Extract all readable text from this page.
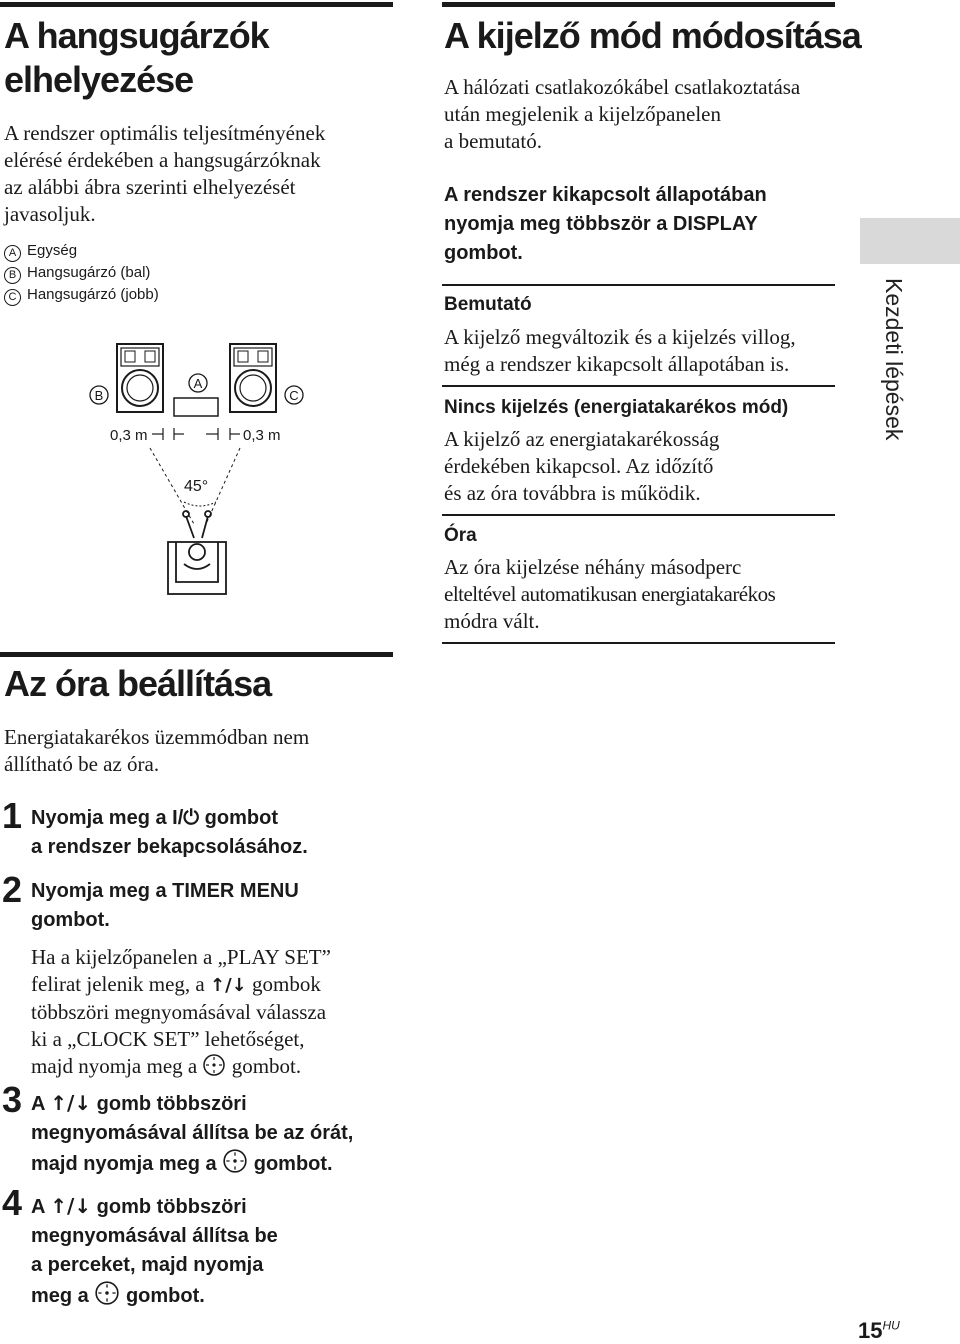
A hangsugárzók
elhelyezése
A rendszer optimális teljesítményének
elérésé érdekében a hangsugárzóknak
az alábbi ábra szerinti elhelyezését
javasoljuk.
A Egység
B Hangsugárzó (bal)
C Hangsugárzó (jobb)
B
A
C
0,3 m	0,3 m
45°
Az óra beállítása
Energiatakarékos üzemmódban nem
állítható be az óra.
1 Nyomja meg a I/⏻ gombot
a rendszer bekapcsolásához.
2 Nyomja meg a TIMER MENU
gombot.
Ha a kijelzőpanelen a „PLAY SET”
felirat jelenik meg, a ↑/↓ gombok
többszöri megnyomásával válassza
ki a „CLOCK SET” lehetőséget,
majd nyomja meg a gombot.
3 A ↑/↓ gomb többszöri
megnyomásával állítsa be az órát,
majd nyomja meg a gombot.
4 A ↑/↓ gomb többszöri
megnyomásával állítsa be
a perceket, majd nyomja
meg a gombot.
A kijelző mód módosítása
A hálózati csatlakozókábel csatlakoztatása
után megjelenik a kijelzőpanelen
a bemutató.
A rendszer kikapcsolt állapotában
nyomja meg többször a DISPLAY
gombot.
Bemutató
A kijelző megváltozik és a kijelzés villog,
még a rendszer kikapcsolt állapotában is.
Nincs kijelzés (energiatakarékos mód)
A kijelző az energiatakarékosság
érdekében kikapcsol. Az időzítő
és az óra továbbra is működik.
Óra
Az óra kijelzése néhány másodperc
elteltével automatikusan energiatakarékos
módra vált.
Kezdeti lépések
$15^{HU}$
